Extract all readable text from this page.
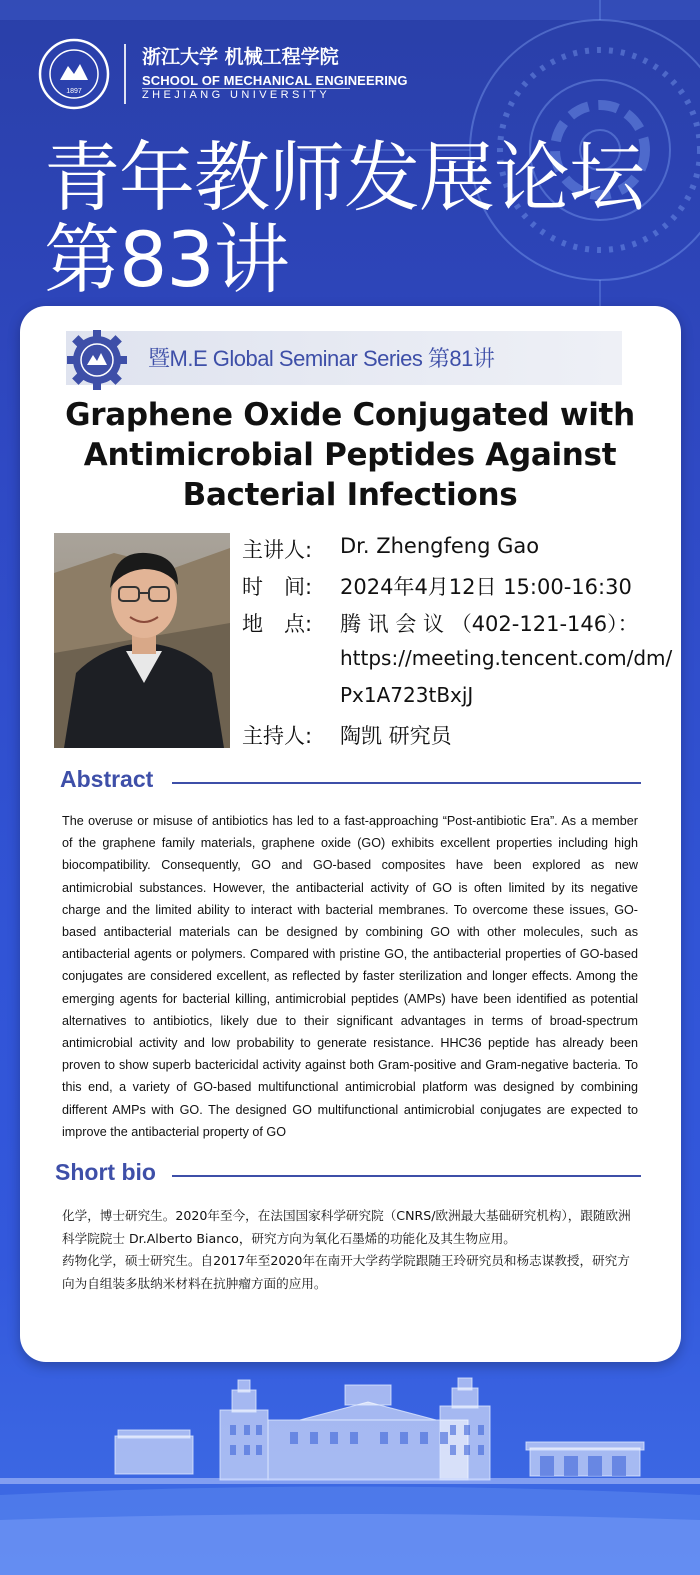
1897
浙江大学 机械工程学院
SCHOOL OF MECHANICAL ENGINEERING
ZHEJIANG UNIVERSITY
青年教师发展论坛
第83讲
暨M.E Global Seminar Series 第81讲
Graphene Oxide Conjugated with Antimicrobial Peptides Against Bacterial Infections
主讲人: Dr. Zhengfeng Gao
时　间: 2024年4月12日 15:00-16:30
地　点: 腾 讯 会 议 （402-121-146）：
https://meeting.tencent.com/dm/
Px1A723tBxjJ
主持人: 陶凯 研究员
Abstract
The overuse or misuse of antibiotics has led to a fast-approaching “Post-antibiotic Era”. As a member of the graphene family materials, graphene oxide (GO) exhibits excellent properties including high biocompatibility. Consequently, GO and GO-based composites have been explored as new antimicrobial substances. However, the antibacterial activity of GO is often limited by its negative charge and the limited ability to interact with bacterial membranes. To overcome these issues, GO-based antibacterial materials can be designed by combining GO with other molecules, such as antibacterial agents or polymers. Compared with pristine GO, the antibacterial properties of GO-based conjugates are considered excellent, as reflected by faster sterilization and longer effects. Among the emerging agents for bacterial killing, antimicrobial peptides (AMPs) have been identified as potential alternatives to antibiotics, likely due to their significant advantages in terms of broad-spectrum antimicrobial activity and low probability to generate resistance. HHC36 peptide has already been proven to show superb bactericidal activity against both Gram-positive and Gram-negative bacteria. To this end, a variety of GO-based multifunctional antimicrobial platform was designed by combining different AMPs with GO. The designed GO multifunctional antimicrobial conjugates are expected to improve the antibacterial property of GO
Short bio

化学，博士研究生。2020年至今，在法国国家科学研究院（CNRS/欧洲最大基础研究机构），跟随欧洲科学院院士 Dr.Alberto Bianco，研究方向为氧化石墨烯的功能化及其生物应用。

药物化学，硕士研究生。自2017年至2020年在南开大学药学院跟随王玲研究员和杨志谋教授，研究方向为自组装多肽纳米材料在抗肿瘤方面的应用。
